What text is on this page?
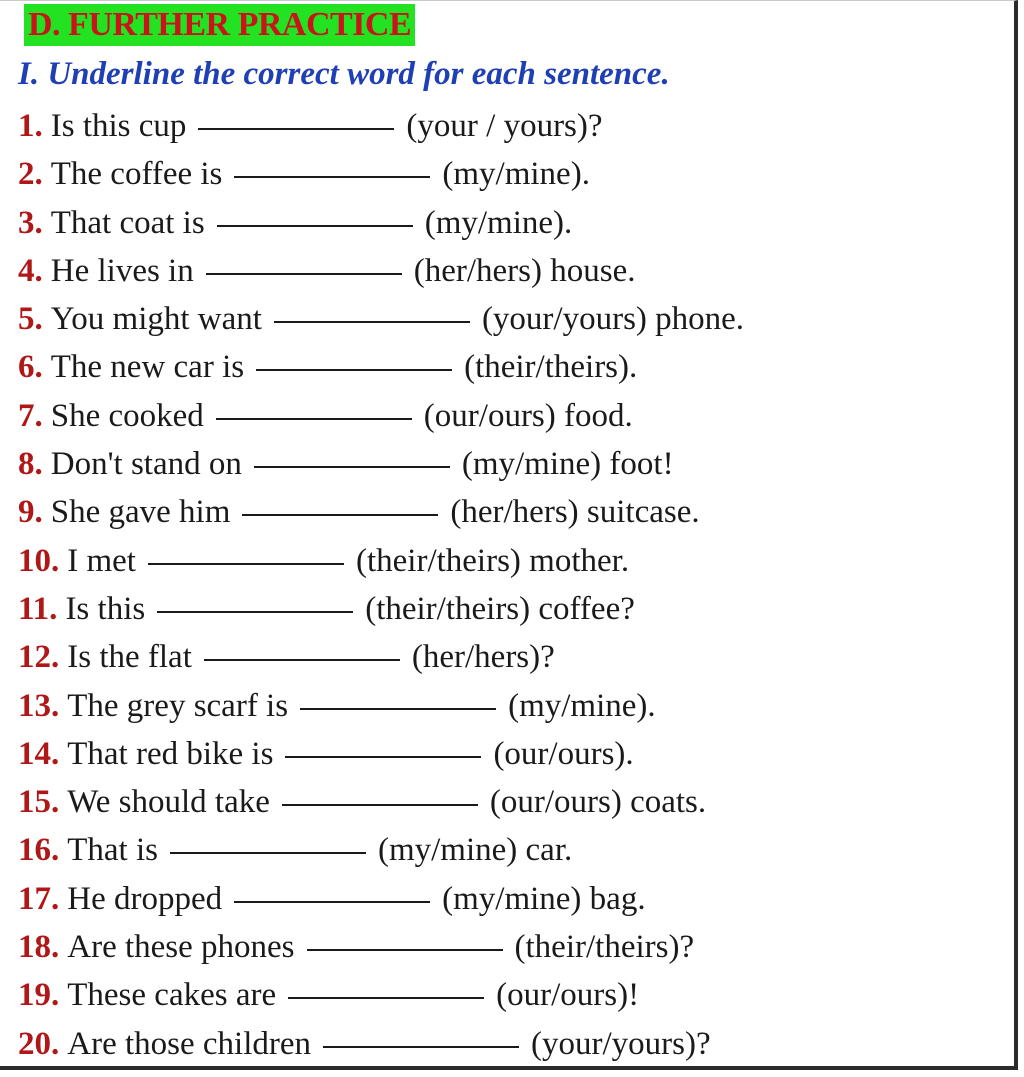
D. FURTHER PRACTICE
I. Underline the correct word for each sentence.
1. Is this cup	(your / yours)?
2. The coffee is	(my/mine).
3. That coat is	(my/mine).
4. He lives in	(her/hers) house.
5. You might want	(your/yours) phone.
6. The new car is	(their/theirs).
7. She cooked	(our/ours) food.
8. Don't stand on	(my/mine) foot!
9. She gave him	(her/hers) suitcase.
10. I met	(their/theirs) mother.
11. Is this	(their/theirs) coffee?
12. Is the flat	(her/hers)?
13. The grey scarf is	(my/mine).
14. That red bike is	(our/ours).
15. We should take	(our/ours) coats.
16. That is	(my/mine) car.
17. He dropped	(my/mine) bag.
18. Are these phones	(their/theirs)?
19. These cakes are	(our/ours)!
20. Are those children	(your/yours)?
